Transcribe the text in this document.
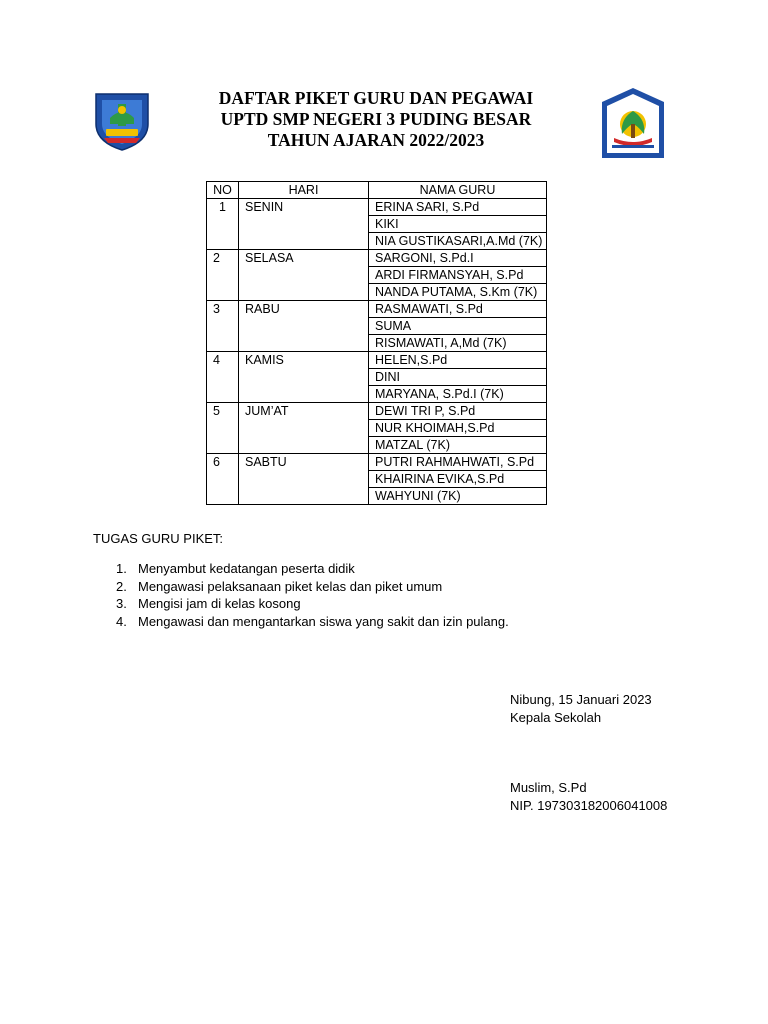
DAFTAR PIKET GURU DAN PEGAWAI
UPTD SMP NEGERI 3 PUDING BESAR
TAHUN AJARAN 2022/2023
NO	HARI	NAMA GURU
1	SENIN	ERINA SARI, S.Pd
		KIKI
		NIA GUSTIKASARI,A.Md (7K)
2	SELASA	SARGONI, S.Pd.I
		ARDI FIRMANSYAH, S.Pd
		NANDA PUTAMA, S.Km (7K)
3	RABU	RASMAWATI, S.Pd
		SUMA
		RISMAWATI, A,Md (7K)
4	KAMIS	HELEN,S.Pd
		DINI
		MARYANA, S.Pd.I (7K)
5	JUM’AT	DEWI TRI P, S.Pd
		NUR KHOIMAH,S.Pd
		MATZAL (7K)
6	SABTU	PUTRI RAHMAHWATI, S.Pd
		KHAIRINA EVIKA,S.Pd
		WAHYUNI (7K)
TUGAS GURU PIKET:
1. Menyambut kedatangan peserta didik
2. Mengawasi pelaksanaan piket kelas dan piket umum
3. Mengisi jam di kelas kosong
4. Mengawasi dan mengantarkan siswa yang sakit dan izin pulang.
Nibung, 15 Januari 2023
Kepala Sekolah
Muslim, S.Pd
NIP. 197303182006041008
